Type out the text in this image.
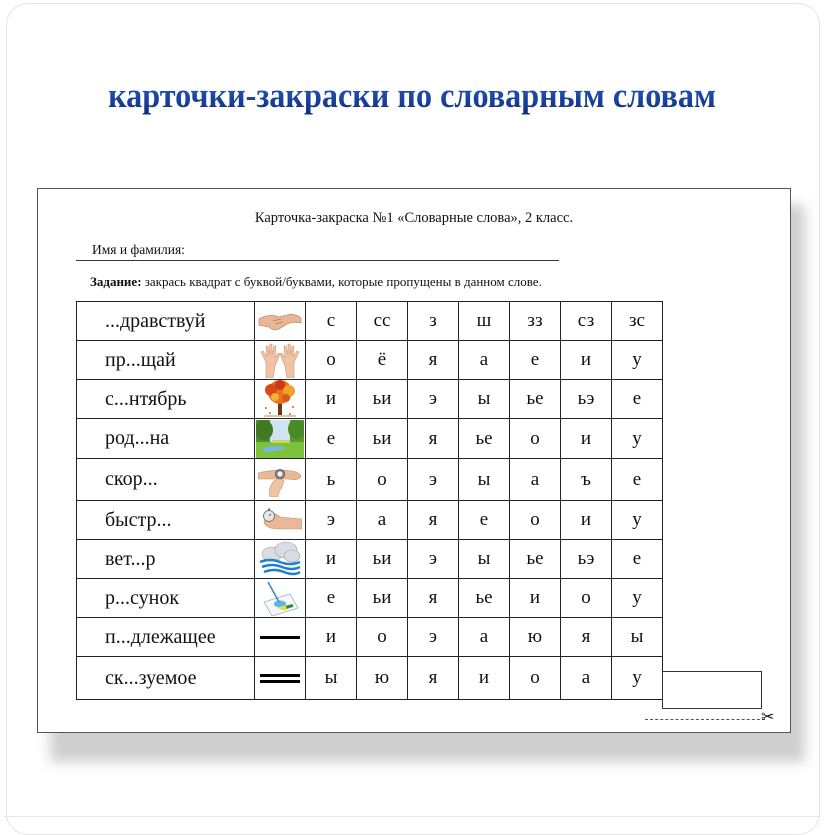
карточки-закраски по словарным словам
Карточка-закраска №1 «Словарные слова», 2 класс.
Имя и фамилия:
Задание: закрась квадрат с буквой/буквами, которые пропущены в данном слове.
...дравствуй		с	сс	з	ш	зз	сз	зс
пр...щай		о	ё	я	а	е	и	у
с...нтябрь		и	ьи	э	ы	ье	ьэ	е
род...на		е	ьи	я	ье	о	и	у
скор...		ь	о	э	ы	а	ъ	е
быстр...		э	а	я	е	о	и	у
вет...р		и	ьи	э	ы	ье	ьэ	е
р...сунок		е	ьи	я	ье	и	о	у
п...длежащее		и	о	э	а	ю	я	ы
ск...зуемое		ы	ю	я	и	о	а	у
✂
